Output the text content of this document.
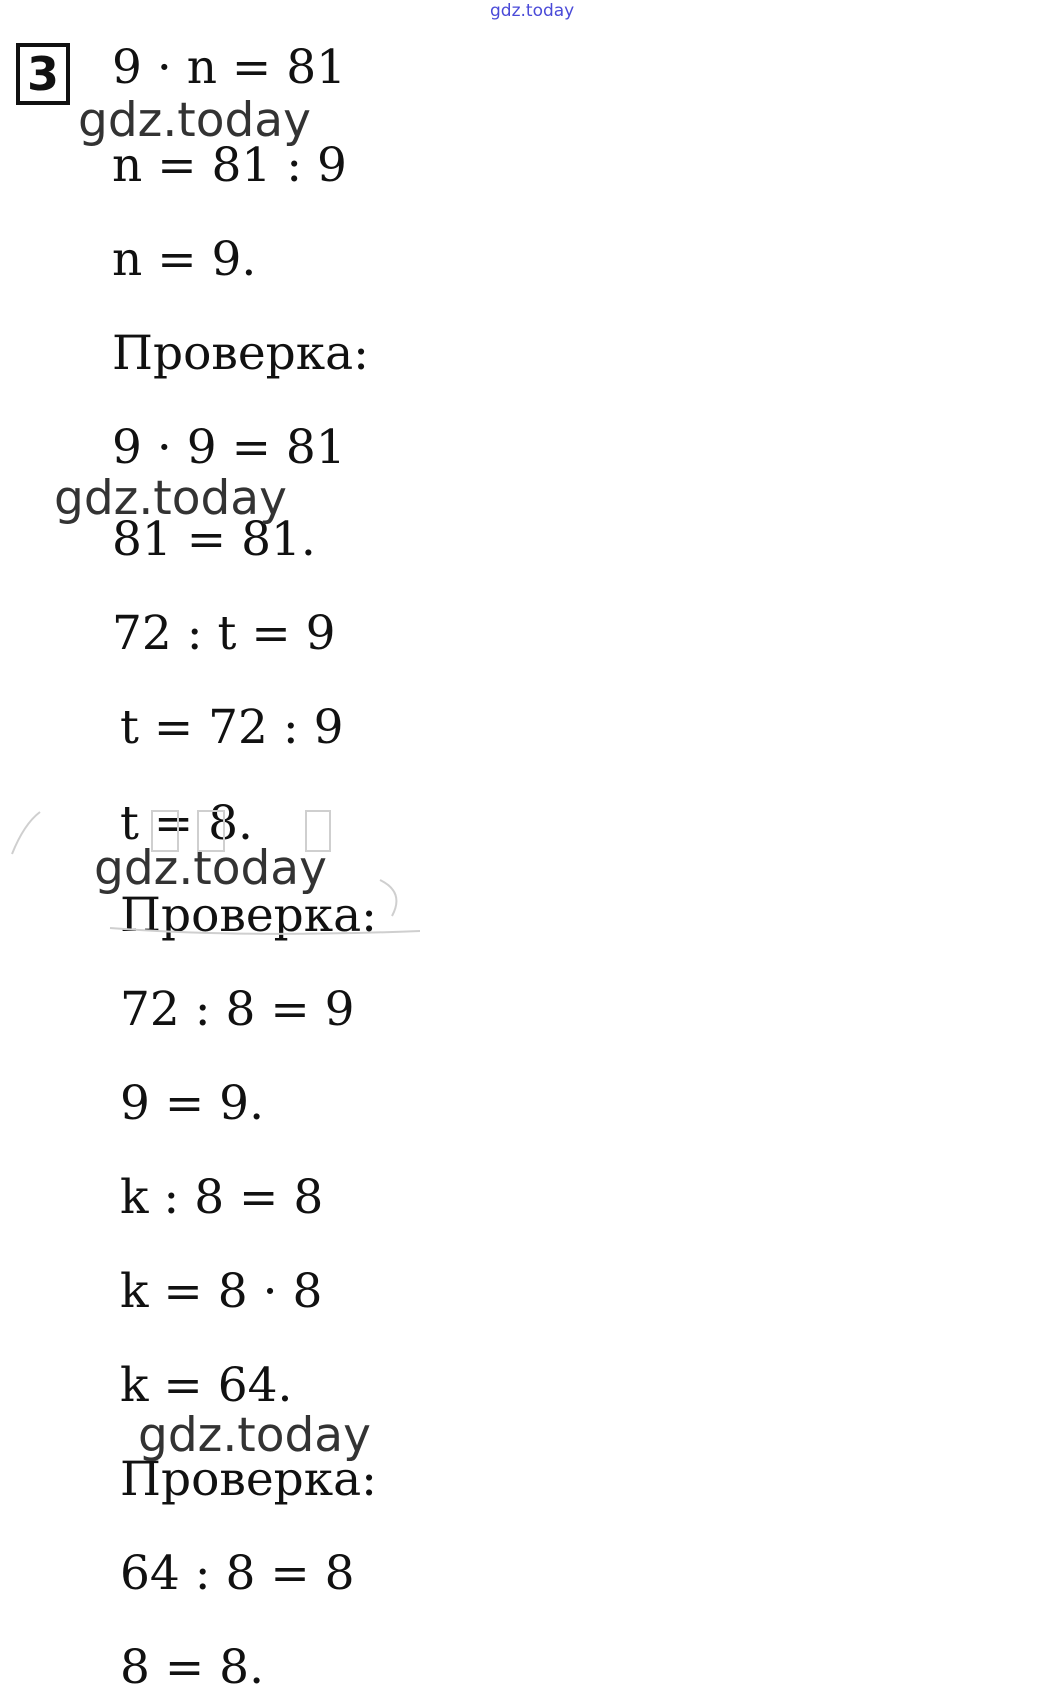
gdz.today
3 9 · n = 81
n = 81 : 9
n = 9.
Проверка:
9 · 9 = 81
81 = 81.
72 : t = 9
t = 72 : 9
t = 8.
Проверка:
72 : 8 = 9
9 = 9.
k : 8 = 8
k = 8 · 8
k = 64.
Проверка:
64 : 8 = 8
8 = 8.
gdz.today
gdz.today
gdz.today
gdz.today
